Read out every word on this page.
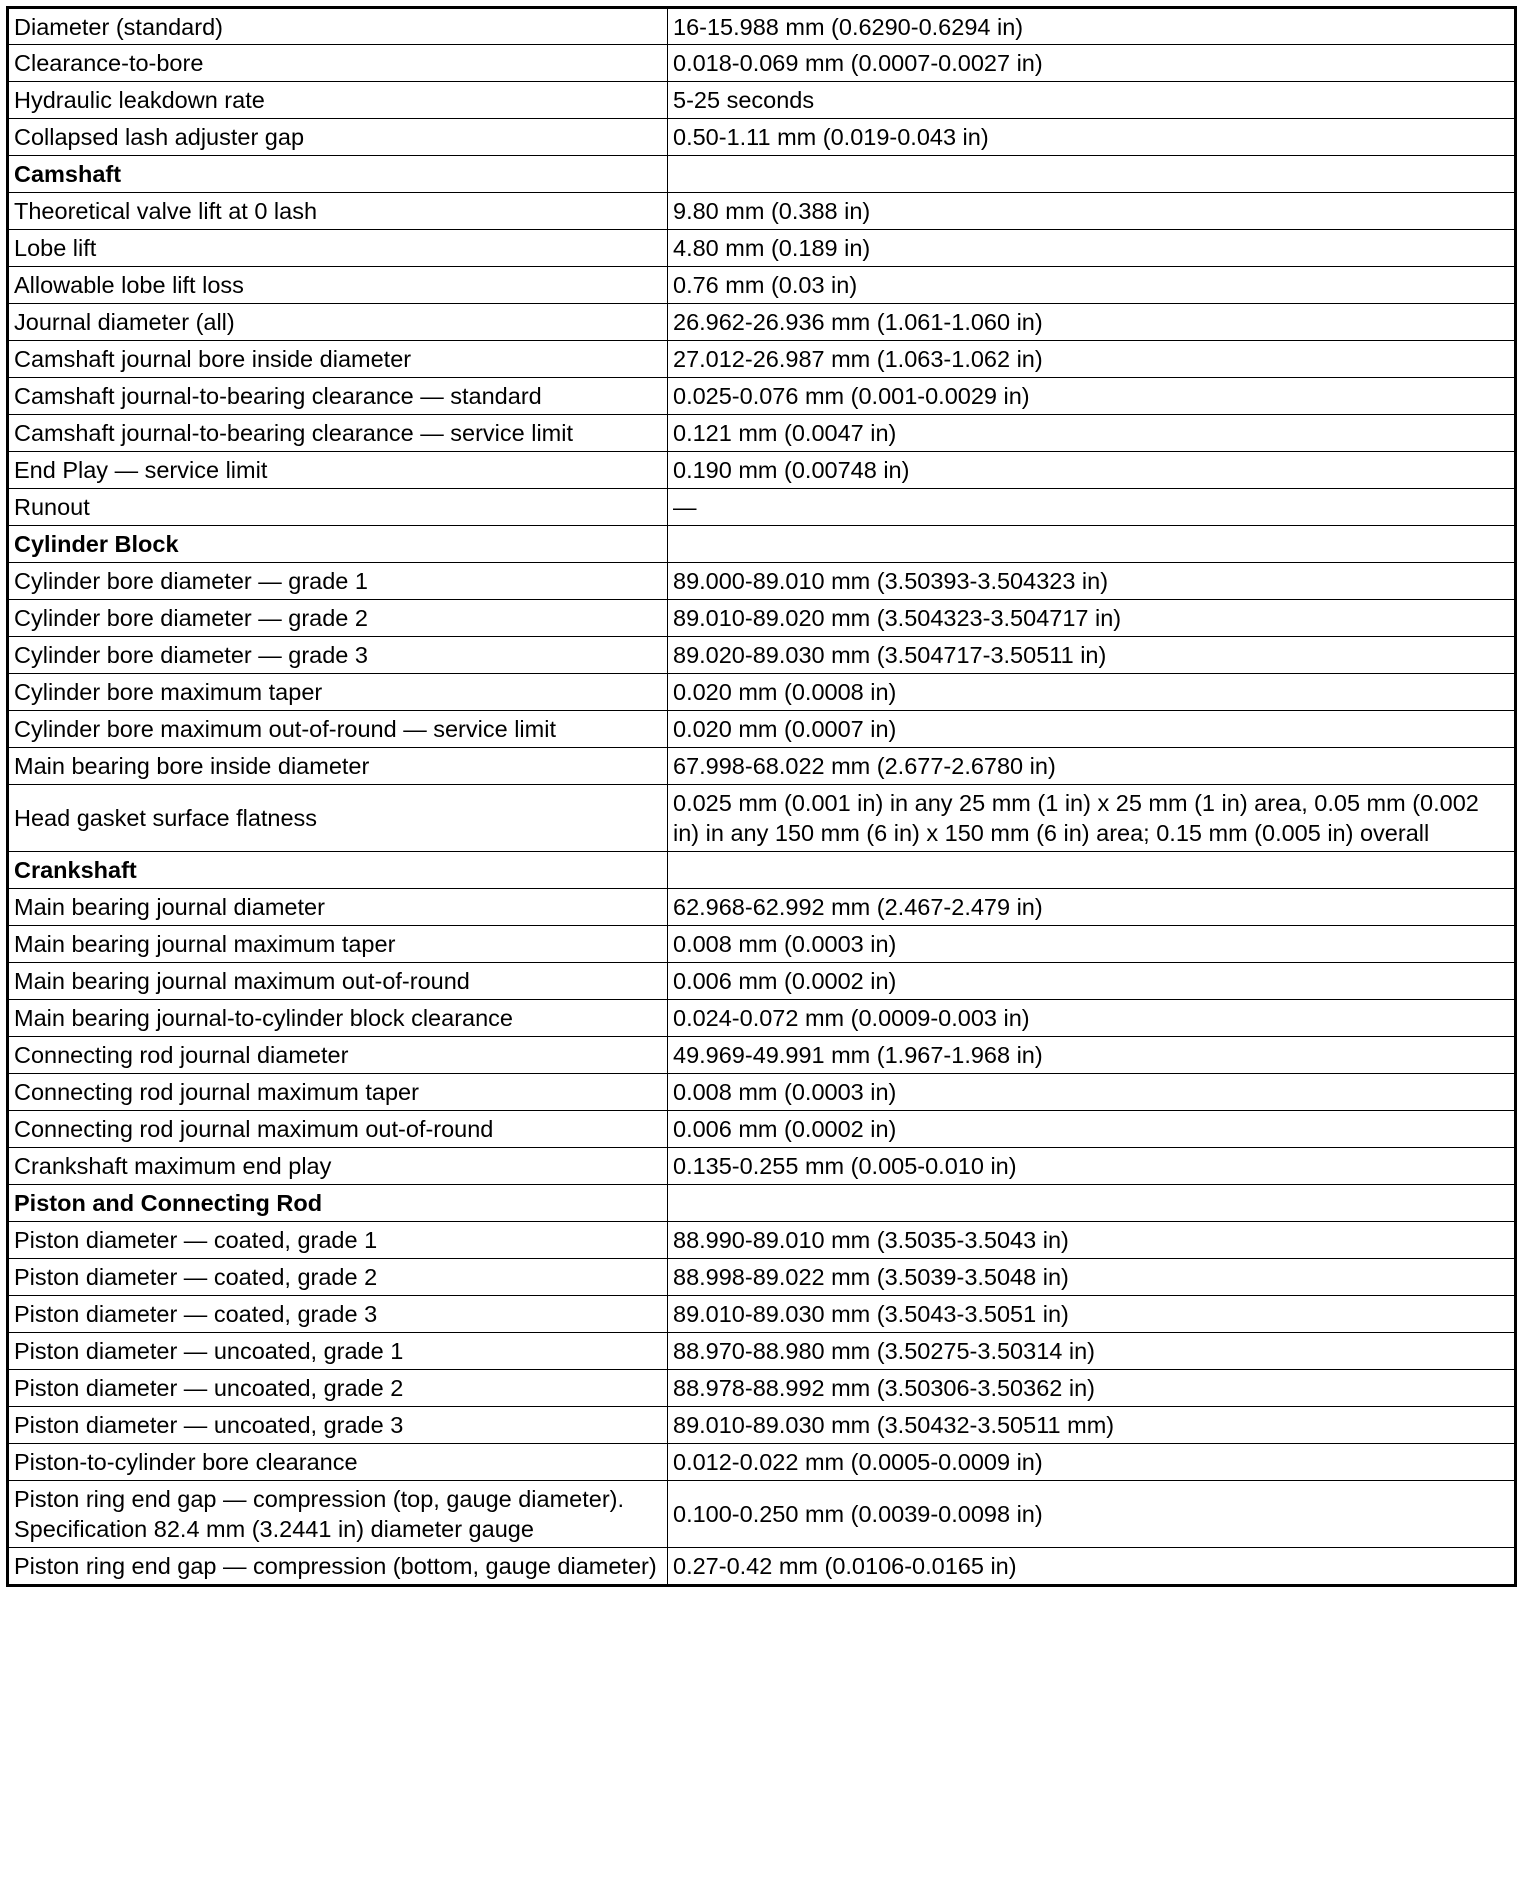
Diameter (standard)	16-15.988 mm (0.6290-0.6294 in)
Clearance-to-bore	0.018-0.069 mm (0.0007-0.0027 in)
Hydraulic leakdown rate	5-25 seconds
Collapsed lash adjuster gap	0.50-1.11 mm (0.019-0.043 in)
Camshaft	
Theoretical valve lift at 0 lash	9.80 mm (0.388 in)
Lobe lift	4.80 mm (0.189 in)
Allowable lobe lift loss	0.76 mm (0.03 in)
Journal diameter (all)	26.962-26.936 mm (1.061-1.060 in)
Camshaft journal bore inside diameter	27.012-26.987 mm (1.063-1.062 in)
Camshaft journal-to-bearing clearance — standard	0.025-0.076 mm (0.001-0.0029 in)
Camshaft journal-to-bearing clearance — service limit	0.121 mm (0.0047 in)
End Play — service limit	0.190 mm (0.00748 in)
Runout	—
Cylinder Block	
Cylinder bore diameter — grade 1	89.000-89.010 mm (3.50393-3.504323 in)
Cylinder bore diameter — grade 2	89.010-89.020 mm (3.504323-3.504717 in)
Cylinder bore diameter — grade 3	89.020-89.030 mm (3.504717-3.50511 in)
Cylinder bore maximum taper	0.020 mm (0.0008 in)
Cylinder bore maximum out-of-round — service limit	0.020 mm (0.0007 in)
Main bearing bore inside diameter	67.998-68.022 mm (2.677-2.6780 in)
Head gasket surface flatness	0.025 mm (0.001 in) in any 25 mm (1 in) x 25 mm (1 in) area, 0.05 mm (0.002 in) in any 150 mm (6 in) x 150 mm (6 in) area; 0.15 mm (0.005 in) overall
Crankshaft	
Main bearing journal diameter	62.968-62.992 mm (2.467-2.479 in)
Main bearing journal maximum taper	0.008 mm (0.0003 in)
Main bearing journal maximum out-of-round	0.006 mm (0.0002 in)
Main bearing journal-to-cylinder block clearance	0.024-0.072 mm (0.0009-0.003 in)
Connecting rod journal diameter	49.969-49.991 mm (1.967-1.968 in)
Connecting rod journal maximum taper	0.008 mm (0.0003 in)
Connecting rod journal maximum out-of-round	0.006 mm (0.0002 in)
Crankshaft maximum end play	0.135-0.255 mm (0.005-0.010 in)
Piston and Connecting Rod	
Piston diameter — coated, grade 1	88.990-89.010 mm (3.5035-3.5043 in)
Piston diameter — coated, grade 2	88.998-89.022 mm (3.5039-3.5048 in)
Piston diameter — coated, grade 3	89.010-89.030 mm (3.5043-3.5051 in)
Piston diameter — uncoated, grade 1	88.970-88.980 mm (3.50275-3.50314 in)
Piston diameter — uncoated, grade 2	88.978-88.992 mm (3.50306-3.50362 in)
Piston diameter — uncoated, grade 3	89.010-89.030 mm (3.50432-3.50511 mm)
Piston-to-cylinder bore clearance	0.012-0.022 mm (0.0005-0.0009 in)
Piston ring end gap — compression (top, gauge diameter). Specification 82.4 mm (3.2441 in) diameter gauge	0.100-0.250 mm (0.0039-0.0098 in)
Piston ring end gap — compression (bottom, gauge diameter)	0.27-0.42 mm (0.0106-0.0165 in)
